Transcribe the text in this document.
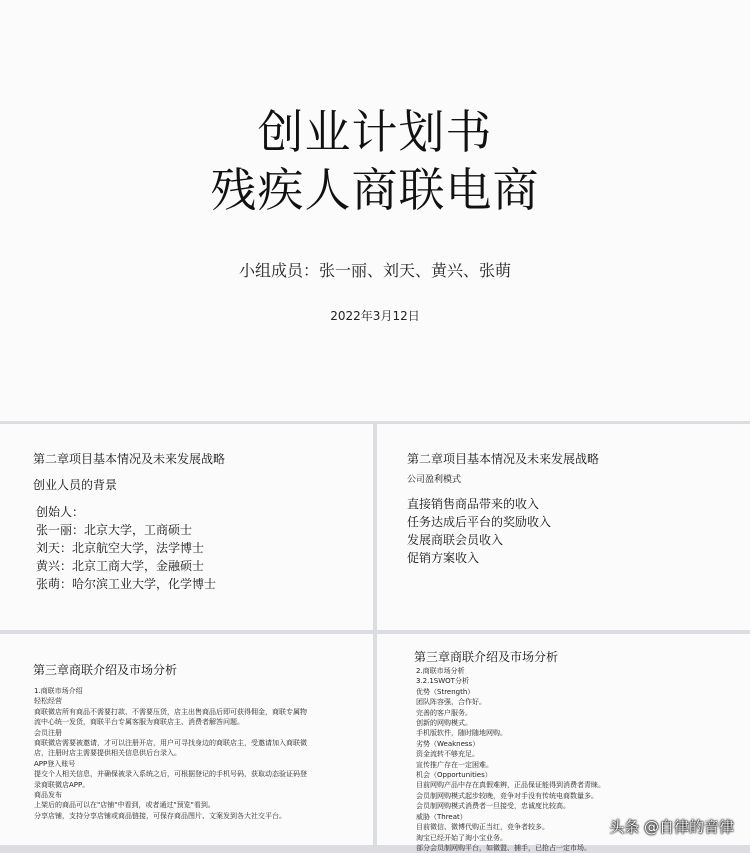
创业计划书
残疾人商联电商
小组成员：张一丽、刘天、黄兴、张萌
2022年3月12日
第二章项目基本情况及未来发展战略
创业人员的背景
创始人：
张一丽：北京大学，工商硕士
刘天：北京航空大学，法学博士
黄兴：北京工商大学，金融硕士
张萌：哈尔滨工业大学，化学博士
第二章项目基本情况及未来发展战略
公司盈利模式
直接销售商品带来的收入
任务达成后平台的奖励收入
发展商联会员收入
促销方案收入
第三章商联介绍及市场分析
1.商联市场介绍
轻松经营
商联微店所有商品不需要打款、不需要压货，店主出售商品后即可获得佣金，商联专属物
流中心统一发货，商联平台专属客服为商联店主、消费者解答问题。
会员注册
商联微店需要被邀请，才可以注册开店，用户可寻找身边的商联店主，受邀请加入商联微
店，注册时店主需要提供相关信息供后台录入。
APP登入账号
提交个人相关信息，并确保被录入系统之后，可根据登记的手机号码，获取动态验证码登
录商联微店APP。
商品发布
上架后的商品可以在"店铺"中看到，或者通过"预览"看到。
分享店铺，支持分享店铺或商品链接，可保存商品图片、文案发到各大社交平台。
第三章商联介绍及市场分析
2.商联市场分析
3.2.1SWOT分析
优势（Strength）
团队阵容强，合作好。
完善的客户服务。
创新的网购模式。
手机版软件，随时随地网购。
劣势（Weakness）
资金流转不够充足。
宣传推广存在一定困难。
机会（Opportunities）
目前网购产品中存在真假难辨，正品保证能得到消费者青睐。
会员制网购模式起步较晚，竞争对手没有传统电商数量多。
会员制网购模式消费者一旦接受，忠诚度比较高。
威胁（Threat）
目前微信、微博代购正当红，竞争者较多。
淘宝已经开始了淘小宝业务。
部分会员制网购平台，如微盟、捕手，已抢占一定市场。
头条 @自律的音律
